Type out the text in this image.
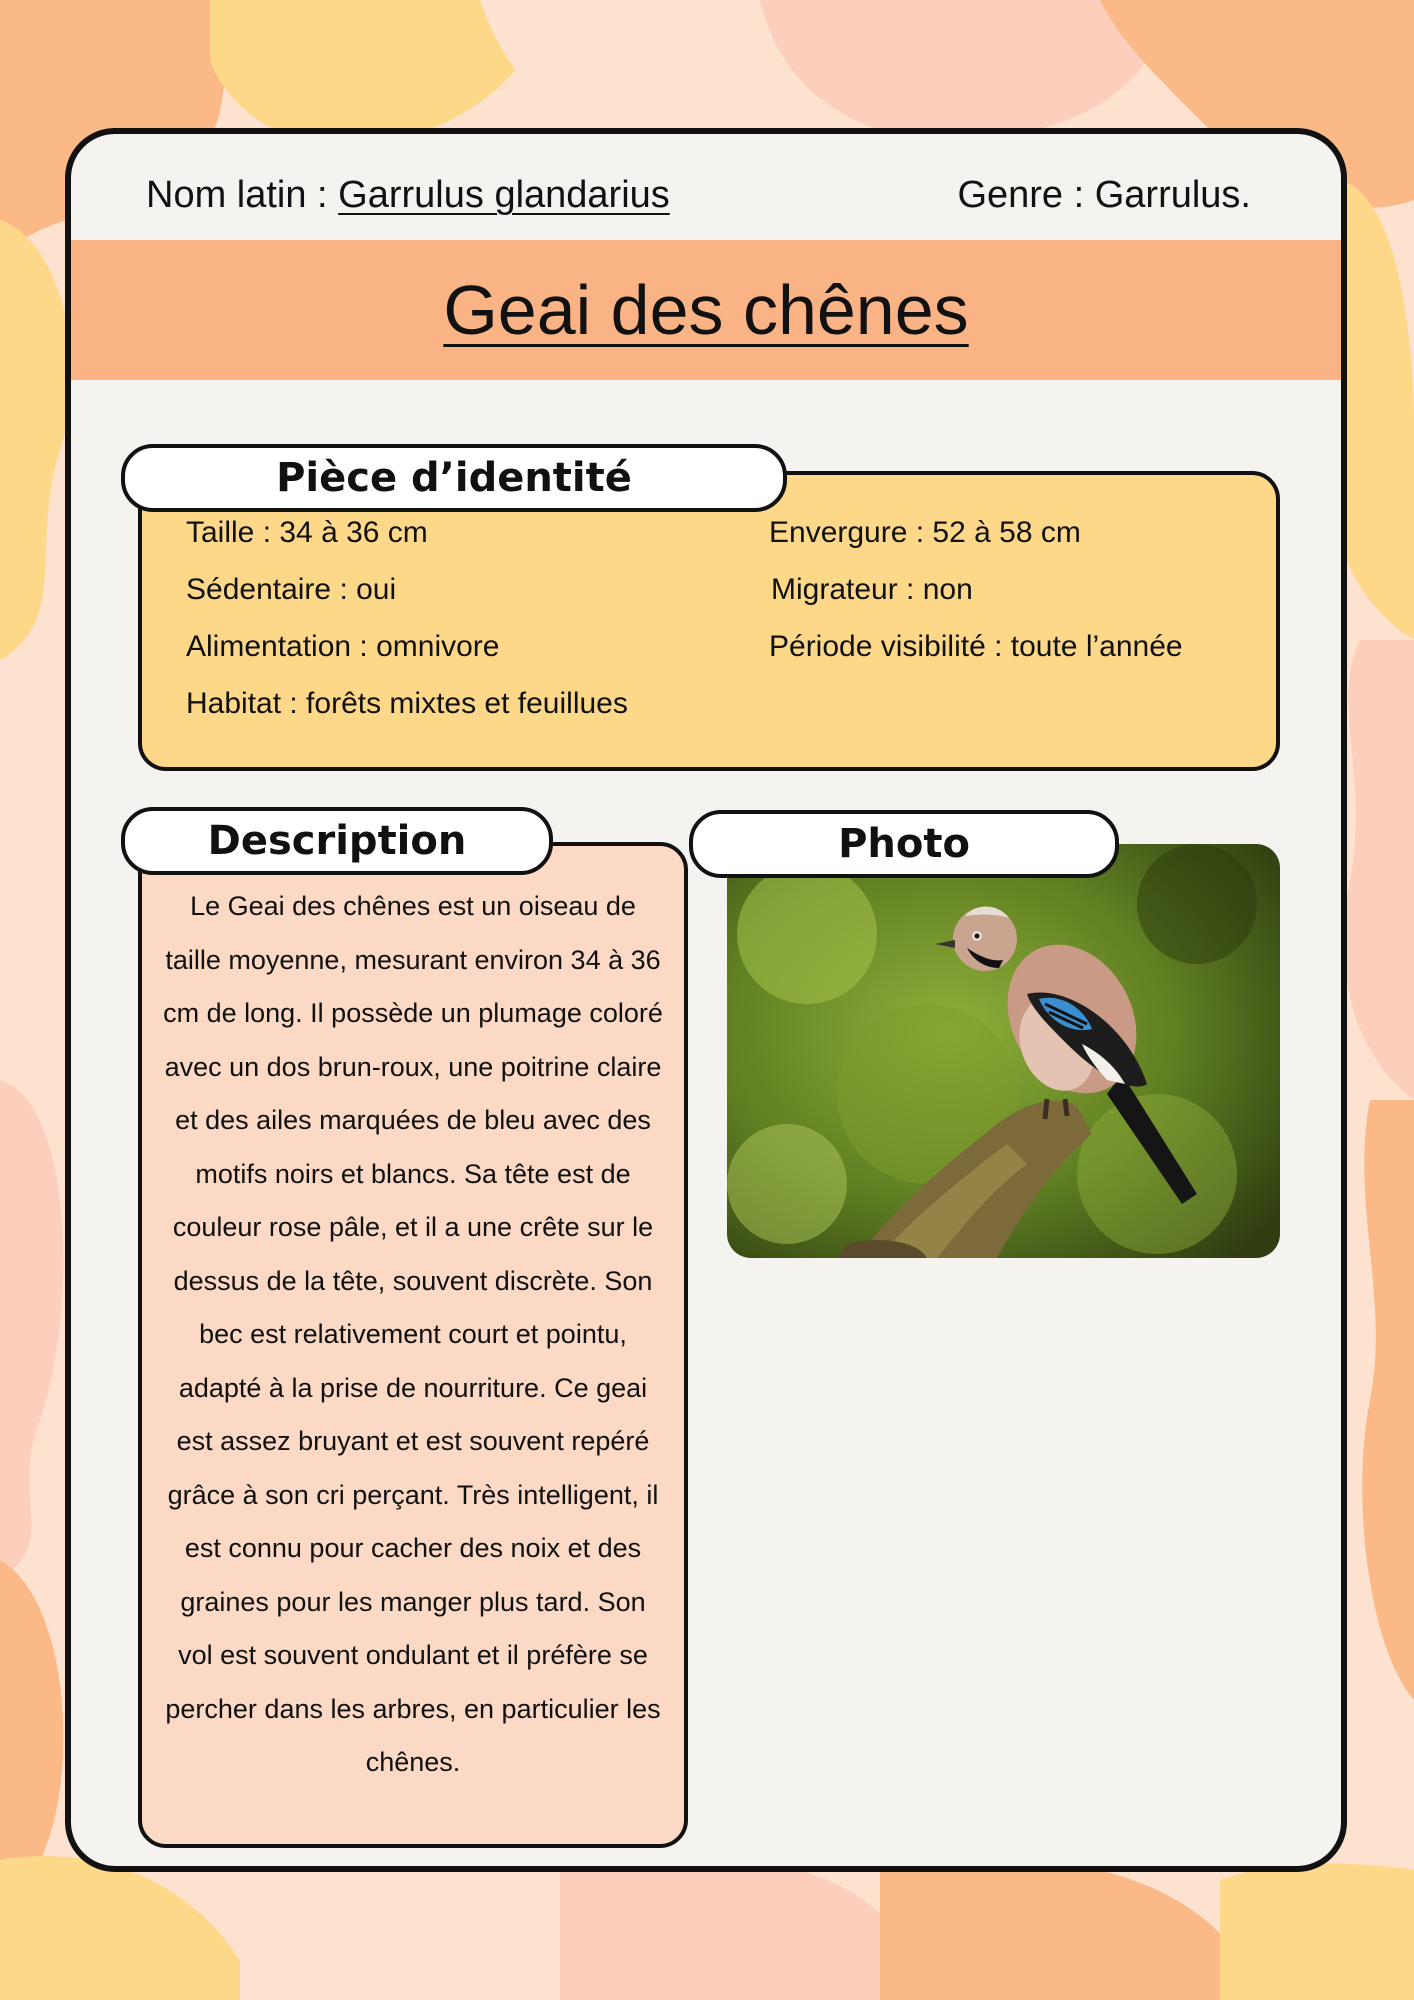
Nom latin : Garrulus glandarius	Genre : Garrulus.
Geai des chênes
Pièce d’identité
Taille : 34 à 36 cm	Envergure : 52 à 58 cm
Sédentaire : oui	Migrateur : non
Alimentation : omnivore	Période visibilité : toute l’année
Habitat : forêts mixtes et feuillues
Description
Le Geai des chênes est un oiseau de taille moyenne, mesurant environ 34 à 36 cm de long. Il possède un plumage coloré avec un dos brun-roux, une poitrine claire et des ailes marquées de bleu avec des motifs noirs et blancs. Sa tête est de couleur rose pâle, et il a une crête sur le dessus de la tête, souvent discrète. Son bec est relativement court et pointu, adapté à la prise de nourriture. Ce geai est assez bruyant et est souvent repéré grâce à son cri perçant. Très intelligent, il est connu pour cacher des noix et des graines pour les manger plus tard. Son vol est souvent ondulant et il préfère se percher dans les arbres, en particulier les chênes.
Photo
